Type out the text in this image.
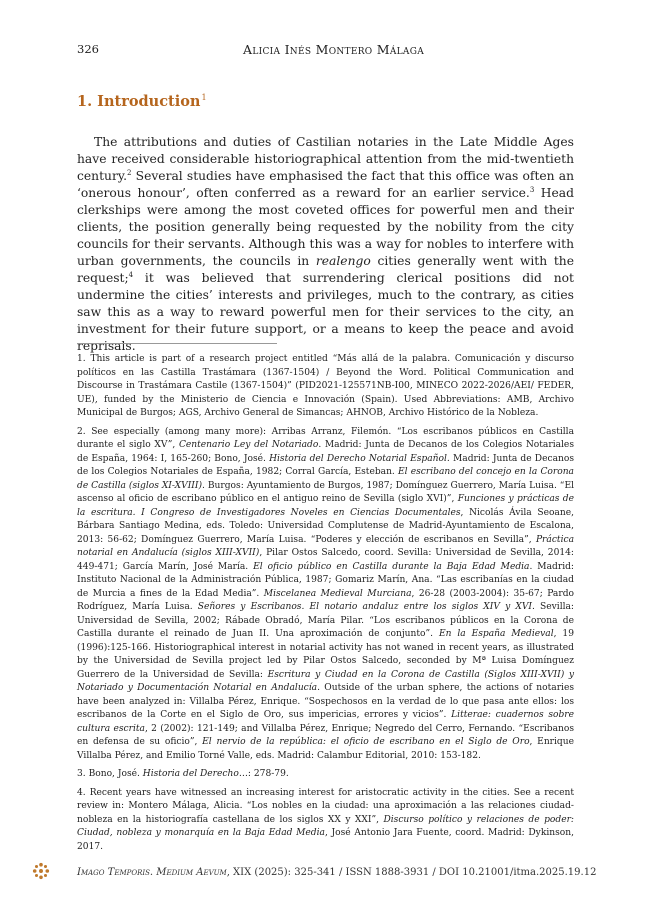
326	Alicia Inés Montero Málaga
1. Introduction$^1$

The attributions and duties of Castilian notaries in the Late Middle Ages have received considerable historiographical attention from the mid-twentieth century.$^2$ Several studies have emphasised the fact that this office was often an ‘onerous honour’, often conferred as a reward for an earlier service.$^3$ Head clerkships were among the most coveted offices for powerful men and their clients, the position generally being requested by the nobility from the city councils for their servants. Although this was a way for nobles to interfere with urban governments, the councils in realengo cities generally went with the request;$^4$ it was believed that surrendering clerical positions did not undermine the cities’ interests and privileges, much to the contrary, as cities saw this as a way to reward powerful men for their services to the city, an investment for their future support, or a means to keep the peace and avoid reprisals.

1. This article is part of a research project entitled “Más allá de la palabra. Comunicación y discurso políticos en las Castilla Trastámara (1367-1504) / Beyond the Word. Political Communication and Discourse in Trastámara Castile (1367-1504)” (PID2021-125571NB-I00, MINECO 2022-2026/AEI/ FEDER, UE), funded by the Ministerio de Ciencia e Innovación (Spain). Used Abbreviations: AMB, Archivo Municipal de Burgos; AGS, Archivo General de Simancas; AHNOB, Archivo Histórico de la Nobleza.

2. See especially (among many more): Arribas Arranz, Filemón. “Los escribanos públicos en Castilla durante el siglo XV”, Centenario Ley del Notariado. Madrid: Junta de Decanos de los Colegios Notariales de España, 1964: I, 165-260; Bono, José. Historia del Derecho Notarial Español. Madrid: Junta de Decanos de los Colegios Notariales de España, 1982; Corral García, Esteban. El escribano del concejo en la Corona de Castilla (siglos XI-XVIII). Burgos: Ayuntamiento de Burgos, 1987; Domínguez Guerrero, María Luisa. “El ascenso al oficio de escribano público en el antiguo reino de Sevilla (siglo XVI)”, Funciones y prácticas de la escritura. I Congreso de Investigadores Noveles en Ciencias Documentales, Nicolás Ávila Seoane, Bárbara Santiago Medina, eds. Toledo: Universidad Complutense de Madrid-Ayuntamiento de Escalona, 2013: 56-62; Domínguez Guerrero, María Luisa. “Poderes y elección de escribanos en Sevilla”, Práctica notarial en Andalucía (siglos XIII-XVII), Pilar Ostos Salcedo, coord. Sevilla: Universidad de Sevilla, 2014: 449-471; García Marín, José María. El oficio público en Castilla durante la Baja Edad Media. Madrid: Instituto Nacional de la Administración Pública, 1987; Gomariz Marín, Ana. “Las escribanías en la ciudad de Murcia a fines de la Edad Media”. Miscelanea Medieval Murciana, 26-28 (2003-2004): 35-67; Pardo Rodríguez, María Luisa. Señores y Escribanos. El notario andaluz entre los siglos XIV y XVI. Sevilla: Universidad de Sevilla, 2002; Rábade Obradó, María Pilar. “Los escribanos públicos en la Corona de Castilla durante el reinado de Juan II. Una aproximación de conjunto”. En la España Medieval, 19 (1996):125-166. Historiographical interest in notarial activity has not waned in recent years, as illustrated by the Universidad de Sevilla project led by Pilar Ostos Salcedo, seconded by Mª Luisa Domínguez Guerrero de la Universidad de Sevilla: Escritura y Ciudad en la Corona de Castilla (Siglos XIII-XVII) y Notariado y Documentación Notarial en Andalucía. Outside of the urban sphere, the actions of notaries have been analyzed in: Villalba Pérez, Enrique. “Sospechosos en la verdad de lo que pasa ante ellos: los escribanos de la Corte en el Siglo de Oro, sus impericias, errores y vicios”. Litterae: cuadernos sobre cultura escrita, 2 (2002): 121-149; and Villalba Pérez, Enrique; Negredo del Cerro, Fernando. “Escribanos en defensa de su oficio”, El nervio de la república: el oficio de escribano en el Siglo de Oro, Enrique Villalba Pérez, and Emilio Torné Valle, eds. Madrid: Calambur Editorial, 2010: 153-182.

3. Bono, José. Historia del Derecho…: 278-79.

4. Recent years have witnessed an increasing interest for aristocratic activity in the cities. See a recent review in: Montero Málaga, Alicia. “Los nobles en la ciudad: una aproximación a las relaciones ciudad-nobleza en la historiografía castellana de los siglos XX y XXI”, Discurso político y relaciones de poder: Ciudad, nobleza y monarquía en la Baja Edad Media, José Antonio Jara Fuente, coord. Madrid: Dykinson, 2017.

Imago Temporis. Medium Aevum, XIX (2025): 325-341 / ISSN 1888-3931 / DOI 10.21001/itma.2025.19.12
